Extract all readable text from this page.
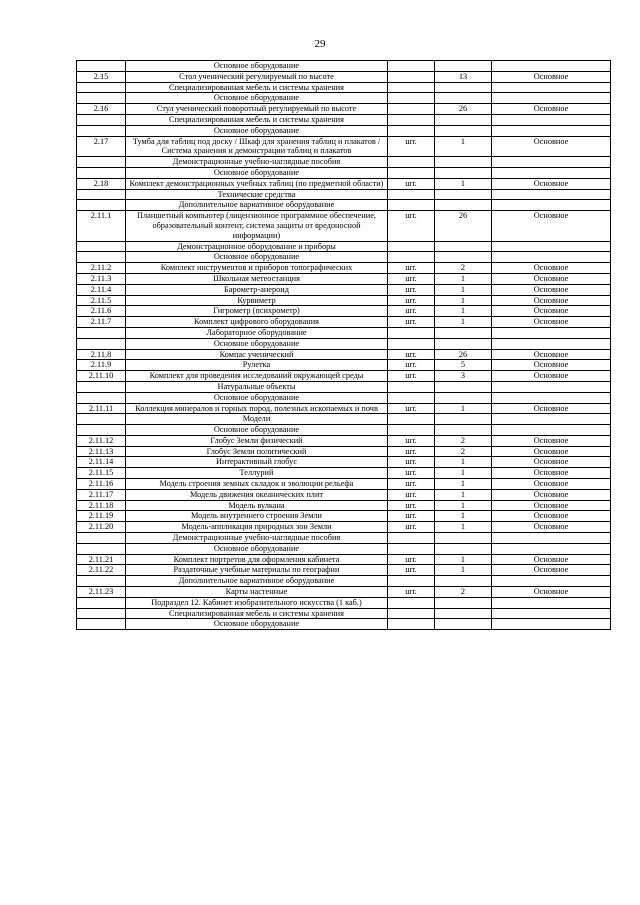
29
	Основное оборудование			
2.15	Стол ученический регулируемый по высоте		13	Основное
	Специализированная мебель и системы хранения			
	Основное оборудование			
2.16	Стул ученический поворотный регулируемый по высоте		26	Основное
	Специализированная мебель и системы хранения			
	Основное оборудование			
2.17	Тумба для таблиц под доску / Шкаф для хранения таблиц и плакатов / Система хранения и демонстрации таблиц и плакатов	шт.	1	Основное
	Демонстрационные учебно-наглядные пособия			
	Основное оборудование			
2.18	Комплект демонстрационных учебных таблиц (по предметной области)	шт.	1	Основное
	Технические средства			
	Дополнительное вариативное оборудование			
2.11.1	Планшетный компьютер (лицензионное программное обеспечение, образовательный контент, система защиты от вредоносной информации)	шт.	26	Основное
	Демонстрационное оборудование и приборы			
	Основное оборудование			
2.11.2	Комплект инструментов и приборов топографических	шт.	2	Основное
2.11.3	Школьная метеостанция	шт.	1	Основное
2.11.4	Барометр-анероид	шт.	1	Основное
2.11.5	Курвиметр	шт.	1	Основное
2.11.6	Гигрометр (психрометр)	шт.	1	Основное
2.11.7	Комплект цифрового оборудования	шт.	1	Основное
	Лабораторное оборудование			
	Основное оборудование			
2.11.8	Компас ученический	шт.	26	Основное
2.11.9	Рулетка	шт.	5	Основное
2.11.10	Комплект для проведения исследований окружающей среды	шт.	3	Основное
	Натуральные объекты			
	Основное оборудование			
2.11.11	Коллекция минералов и горных пород, полезных ископаемых и почв	шт.	1	Основное
	Модели			
	Основное оборудование			
2.11.12	Глобус Земли физический	шт.	2	Основное
2.11.13	Глобус Земли политический	шт.	2	Основное
2.11.14	Интерактивный глобус	шт.	1	Основное
2.11.15	Теллурий	шт.	1	Основное
2.11.16	Модель строения земных складок и эволюции рельефа	шт.	1	Основное
2.11.17	Модель движения океанических плит	шт.	1	Основное
2.11.18	Модель вулкана	шт.	1	Основное
2.11.19	Модель внутреннего строения Земли	шт.	1	Основное
2.11.20	Модель-аппликация природных зон Земли	шт.	1	Основное
	Демонстрационные учебно-наглядные пособия			
	Основное оборудование			
2.11.21	Комплект портретов для оформления кабинета	шт.	1	Основное
2.11.22	Раздаточные учебные материалы по географии	шт.	1	Основное
	Дополнительное вариативное оборудование			
2.11.23	Карты настенные	шт.	2	Основное
	Подраздел 12. Кабинет изобразительного искусства (1 каб.)			
	Специализированная мебель и системы хранения			
	Основное оборудование			
